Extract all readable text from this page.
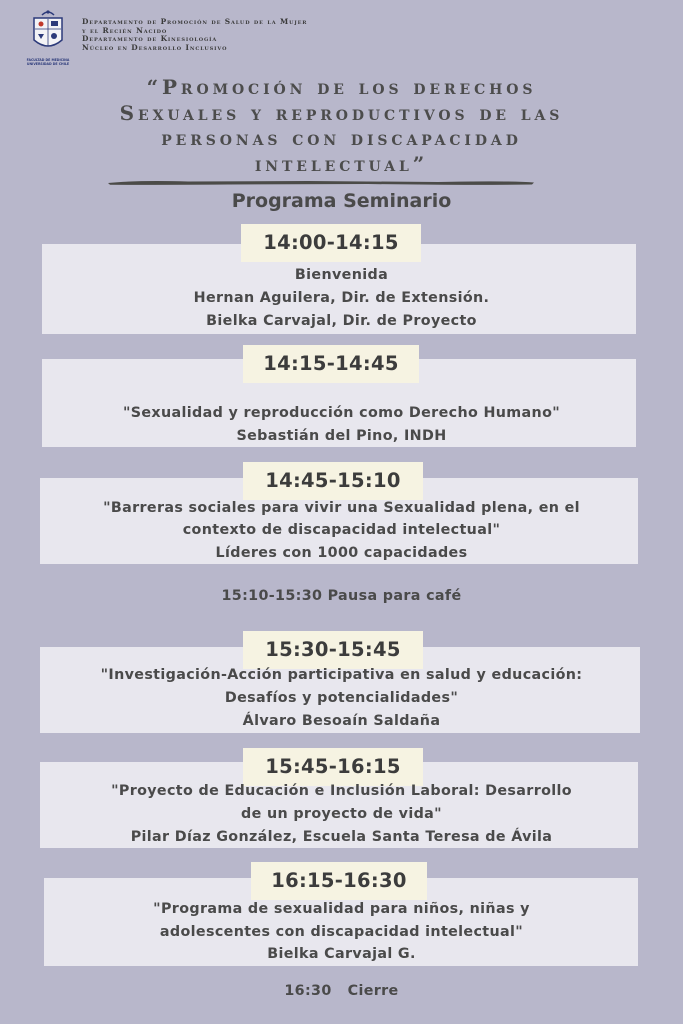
FACULTAD DE MEDICINA
UNIVERSIDAD DE CHILE
Departamento de Promoción de Salud de la Mujer
y el Recién Nacido
Departamento de Kinesiología
Núcleo en Desarrollo Inclusivo
“Promoción de los derechos
Sexuales y reproductivos de las
personas con discapacidad
intelectual”
Programa Seminario
14:00-14:15
Bienvenida
Hernan Aguilera, Dir. de Extensión.
Bielka Carvajal, Dir. de Proyecto
14:15-14:45
"Sexualidad y reproducción como Derecho Humano"
Sebastián del Pino, INDH
14:45-15:10
"Barreras sociales para vivir una Sexualidad plena, en el
contexto de discapacidad intelectual"
Líderes con 1000 capacidades
15:10-15:30 Pausa para café
15:30-15:45
"Investigación-Acción participativa en salud y educación:
Desafíos y potencialidades"
Álvaro Besoaín Saldaña
15:45-16:15
"Proyecto de Educación e Inclusión Laboral: Desarrollo
de un proyecto de vida"
Pilar Díaz González, Escuela Santa Teresa de Ávila
16:15-16:30
"Programa de sexualidad para niños, niñas y
adolescentes con discapacidad intelectual"
Bielka Carvajal G.
16:30   Cierre
